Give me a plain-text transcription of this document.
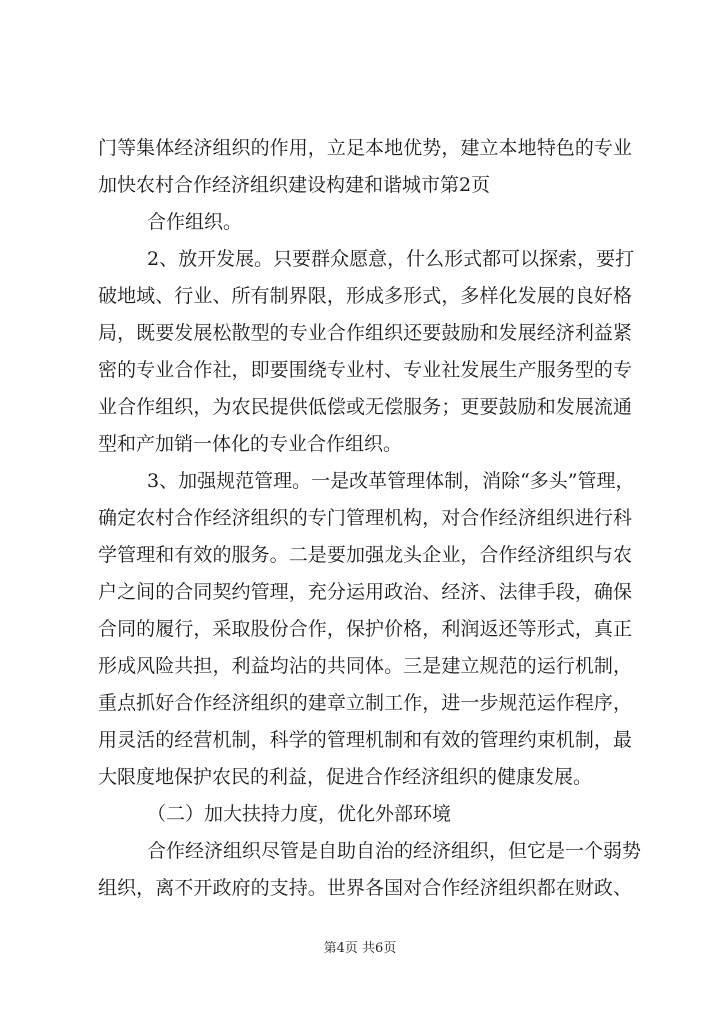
门等集体经济组织的作用，立足本地优势，建立本地特色的专业
加快农村合作经济组织建设构建和谐城市第2页
合作组织。
2、放开发展。只要群众愿意，什么形式都可以探索，要打
破地域、行业、所有制界限，形成多形式，多样化发展的良好格
局，既要发展松散型的专业合作组织还要鼓励和发展经济利益紧
密的专业合作社，即要围绕专业村、专业社发展生产服务型的专
业合作组织，为农民提供低偿或无偿服务；更要鼓励和发展流通
型和产加销一体化的专业合作组织。
3、加强规范管理。一是改革管理体制，消除“多头”管理，
确定农村合作经济组织的专门管理机构，对合作经济组织进行科
学管理和有效的服务。二是要加强龙头企业，合作经济组织与农
户之间的合同契约管理，充分运用政治、经济、法律手段，确保
合同的履行，采取股份合作，保护价格，利润返还等形式，真正
形成风险共担，利益均沾的共同体。三是建立规范的运行机制，
重点抓好合作经济组织的建章立制工作，进一步规范运作程序，
用灵活的经营机制，科学的管理机制和有效的管理约束机制，最
大限度地保护农民的利益，促进合作经济组织的健康发展。
（二）加大扶持力度，优化外部环境
合作经济组织尽管是自助自治的经济组织，但它是一个弱势
组织，离不开政府的支持。世界各国对合作经济组织都在财政、
第4页 共6页
